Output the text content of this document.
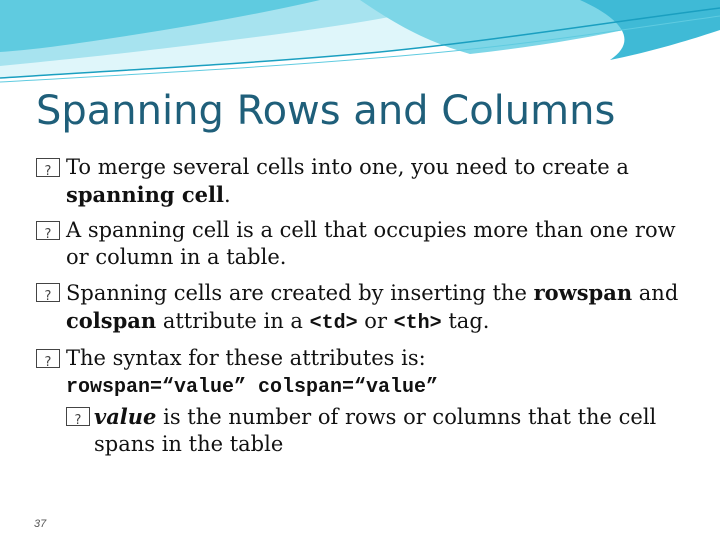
Spanning Rows and Columns
?
To merge several cells into one, you need to create a spanning cell.
?
A spanning cell is a cell that occupies more than one row or column in a table.
?
Spanning cells are created by inserting the rowspan and colspan attribute in a <td> or <th> tag.
?
The syntax for these attributes is:
rowspan=“value” colspan=“value”
?
value is the number of rows or columns that the cell spans in the table
37
